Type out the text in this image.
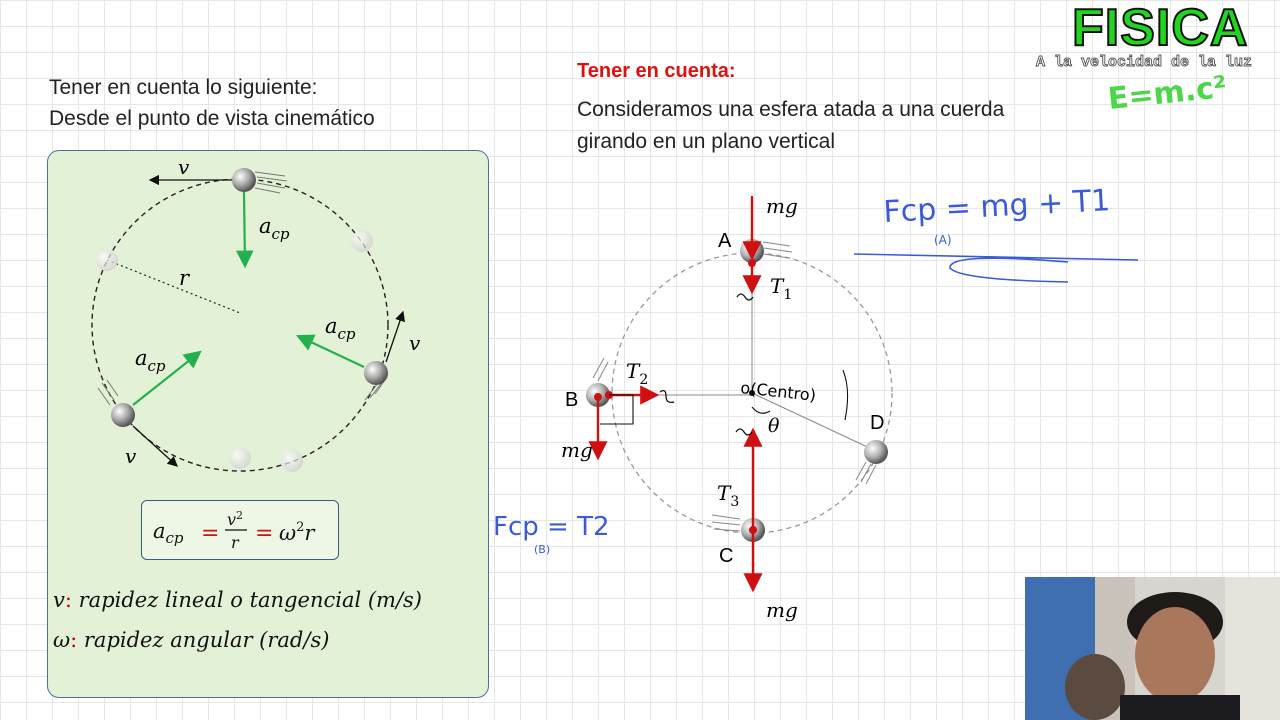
Tener en cuenta lo siguiente:
Desde el punto de vista cinemático
Tener en cuenta:
Consideramos una esfera atada a una cuerda
girando en un plano vertical
v
v
v
r
$a_{cp}$
$a_{cp}$
$a_{cp}$
$a_{cp}$ =
$v^2$
$r = \omega^2r$
v: rapidez lineal o tangencial (m/s)
ω: rapidez angular (rad/s)
A
B
C
D
mg
mg
mg
$T_1$
$T_2$
$T_3$
θ
o(Centro)
Fcp = mg + T1
(A)
Fcp = T2
(B)
FISICA
A la velocidad de la luz
E=m.c²
